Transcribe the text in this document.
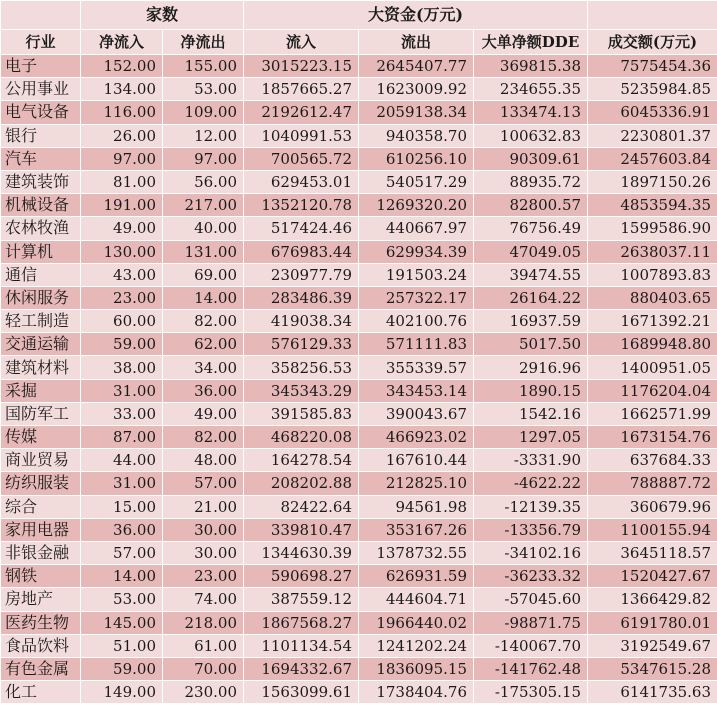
	家数		大资金(万元)			
行业	净流入	净流出	流入	流出	大单净额DDE	成交额(万元)
电子	152.00	155.00	3015223.15	2645407.77	369815.38	7575454.36
公用事业	134.00	53.00	1857665.27	1623009.92	234655.35	5235984.85
电气设备	116.00	109.00	2192612.47	2059138.34	133474.13	6045336.91
银行	26.00	12.00	1040991.53	940358.70	100632.83	2230801.37
汽车	97.00	97.00	700565.72	610256.10	90309.61	2457603.84
建筑装饰	81.00	56.00	629453.01	540517.29	88935.72	1897150.26
机械设备	191.00	217.00	1352120.78	1269320.20	82800.57	4853594.35
农林牧渔	49.00	40.00	517424.46	440667.97	76756.49	1599586.90
计算机	130.00	131.00	676983.44	629934.39	47049.05	2638037.11
通信	43.00	69.00	230977.79	191503.24	39474.55	1007893.83
休闲服务	23.00	14.00	283486.39	257322.17	26164.22	880403.65
轻工制造	60.00	82.00	419038.34	402100.76	16937.59	1671392.21
交通运输	59.00	62.00	576129.33	571111.83	5017.50	1689948.80
建筑材料	38.00	34.00	358256.53	355339.57	2916.96	1400951.05
采掘	31.00	36.00	345343.29	343453.14	1890.15	1176204.04
国防军工	33.00	49.00	391585.83	390043.67	1542.16	1662571.99
传媒	87.00	82.00	468220.08	466923.02	1297.05	1673154.76
商业贸易	44.00	48.00	164278.54	167610.44	-3331.90	637684.33
纺织服装	31.00	57.00	208202.88	212825.10	-4622.22	788887.72
综合	15.00	21.00	82422.64	94561.98	-12139.35	360679.96
家用电器	36.00	30.00	339810.47	353167.26	-13356.79	1100155.94
非银金融	57.00	30.00	1344630.39	1378732.55	-34102.16	3645118.57
钢铁	14.00	23.00	590698.27	626931.59	-36233.32	1520427.67
房地产	53.00	74.00	387559.12	444604.71	-57045.60	1366429.82
医药生物	145.00	218.00	1867568.27	1966440.02	-98871.75	6191780.01
食品饮料	51.00	61.00	1101134.54	1241202.24	-140067.70	3192549.67
有色金属	59.00	70.00	1694332.67	1836095.15	-141762.48	5347615.28
化工	149.00	230.00	1563099.61	1738404.76	-175305.15	6141735.63
